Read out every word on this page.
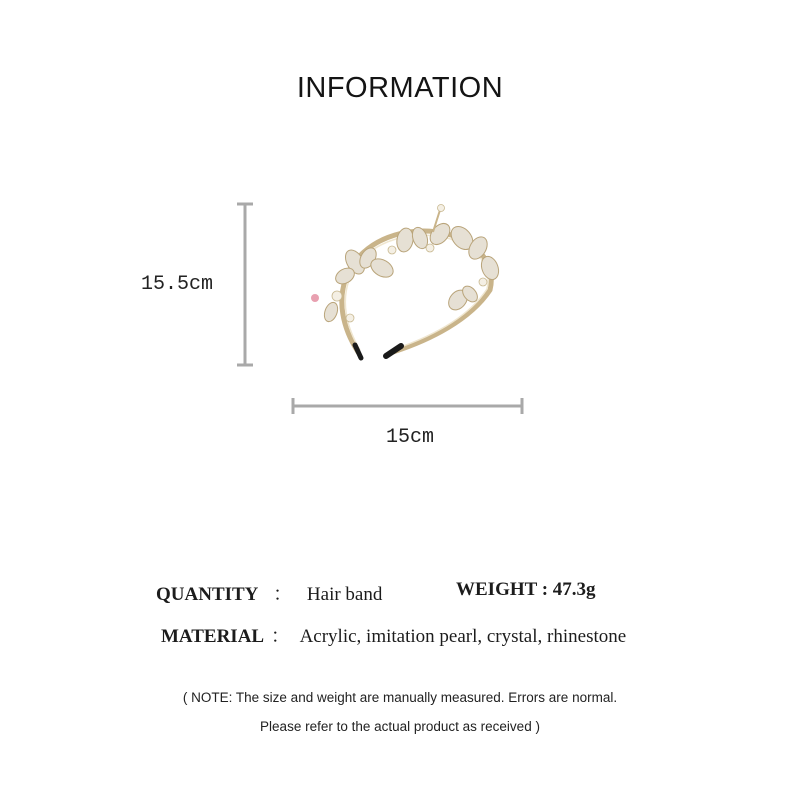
INFORMATION
15.5cm
15cm
QUANTITY ： Hair band	WEIGHT : 47.3g
MATERIAL ： Acrylic, imitation pearl, crystal, rhinestone
( NOTE: The size and weight are manually measured. Errors are normal.
Please refer to the actual product as received )
